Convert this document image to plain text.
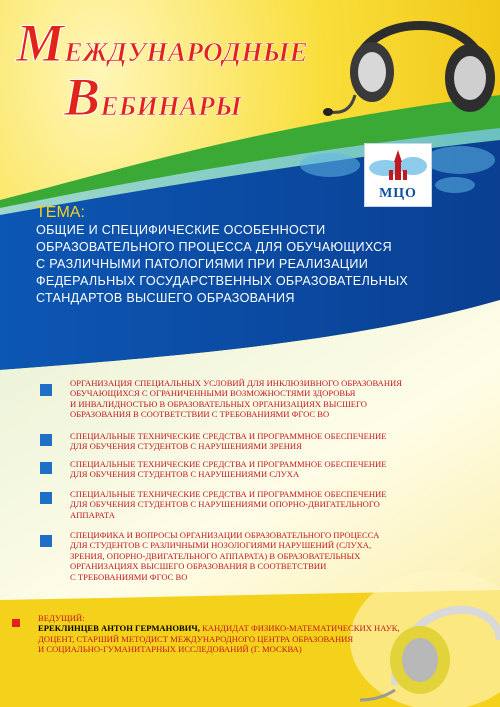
МЕЖДУНАРОДНЫЕ
ВЕБИНАРЫ
МЦО
ТЕМА:
ОБЩИЕ И СПЕЦИФИЧЕСКИЕ ОСОБЕННОСТИ
ОБРАЗОВАТЕЛЬНОГО ПРОЦЕССА ДЛЯ ОБУЧАЮЩИХСЯ
С РАЗЛИЧНЫМИ ПАТОЛОГИЯМИ ПРИ РЕАЛИЗАЦИИ
ФЕДЕРАЛЬНЫХ ГОСУДАРСТВЕННЫХ ОБРАЗОВАТЕЛЬНЫХ
СТАНДАРТОВ ВЫСШЕГО ОБРАЗОВАНИЯ
ОРГАНИЗАЦИЯ СПЕЦИАЛЬНЫХ УСЛОВИЙ ДЛЯ ИНКЛЮЗИВНОГО ОБРАЗОВАНИЯ
ОБУЧАЮЩИХСЯ С ОГРАНИЧЕННЫМИ ВОЗМОЖНОСТЯМИ ЗДОРОВЬЯ
И ИНВАЛИДНОСТЬЮ В ОБРАЗОВАТЕЛЬНЫХ ОРГАНИЗАЦИЯХ ВЫСШЕГО
ОБРАЗОВАНИЯ В СООТВЕТСТВИИ С ТРЕБОВАНИЯМИ ФГОС ВО
СПЕЦИАЛЬНЫЕ ТЕХНИЧЕСКИЕ СРЕДСТВА И ПРОГРАММНОЕ ОБЕСПЕЧЕНИЕ
ДЛЯ ОБУЧЕНИЯ СТУДЕНТОВ С НАРУШЕНИЯМИ ЗРЕНИЯ
СПЕЦИАЛЬНЫЕ ТЕХНИЧЕСКИЕ СРЕДСТВА И ПРОГРАММНОЕ ОБЕСПЕЧЕНИЕ
ДЛЯ ОБУЧЕНИЯ СТУДЕНТОВ С НАРУШЕНИЯМИ СЛУХА
СПЕЦИАЛЬНЫЕ ТЕХНИЧЕСКИЕ СРЕДСТВА И ПРОГРАММНОЕ ОБЕСПЕЧЕНИЕ
ДЛЯ ОБУЧЕНИЯ СТУДЕНТОВ С НАРУШЕНИЯМИ ОПОРНО-ДВИГАТЕЛЬНОГО
АППАРАТА
СПЕЦИФИКА И ВОПРОСЫ ОРГАНИЗАЦИИ ОБРАЗОВАТЕЛЬНОГО ПРОЦЕССА
ДЛЯ СТУДЕНТОВ С РАЗЛИЧНЫМИ НОЗОЛОГИЯМИ НАРУШЕНИЙ (СЛУХА,
ЗРЕНИЯ, ОПОРНО-ДВИГАТЕЛЬНОГО АППАРАТА) В ОБРАЗОВАТЕЛЬНЫХ
ОРГАНИЗАЦИЯХ ВЫСШЕГО ОБРАЗОВАНИЯ В СООТВЕТСТВИИ
С ТРЕБОВАНИЯМИ ФГОС ВО
ВЕДУЩИЙ:
ЕРЕКЛИНЦЕВ АНТОН ГЕРМАНОВИЧ, КАНДИДАТ ФИЗИКО-МАТЕМАТИЧЕСКИХ НАУК,
ДОЦЕНТ, СТАРШИЙ МЕТОДИСТ МЕЖДУНАРОДНОГО ЦЕНТРА ОБРАЗОВАНИЯ
И СОЦИАЛЬНО-ГУМАНИТАРНЫХ ИССЛЕДОВАНИЙ (Г. МОСКВА)
